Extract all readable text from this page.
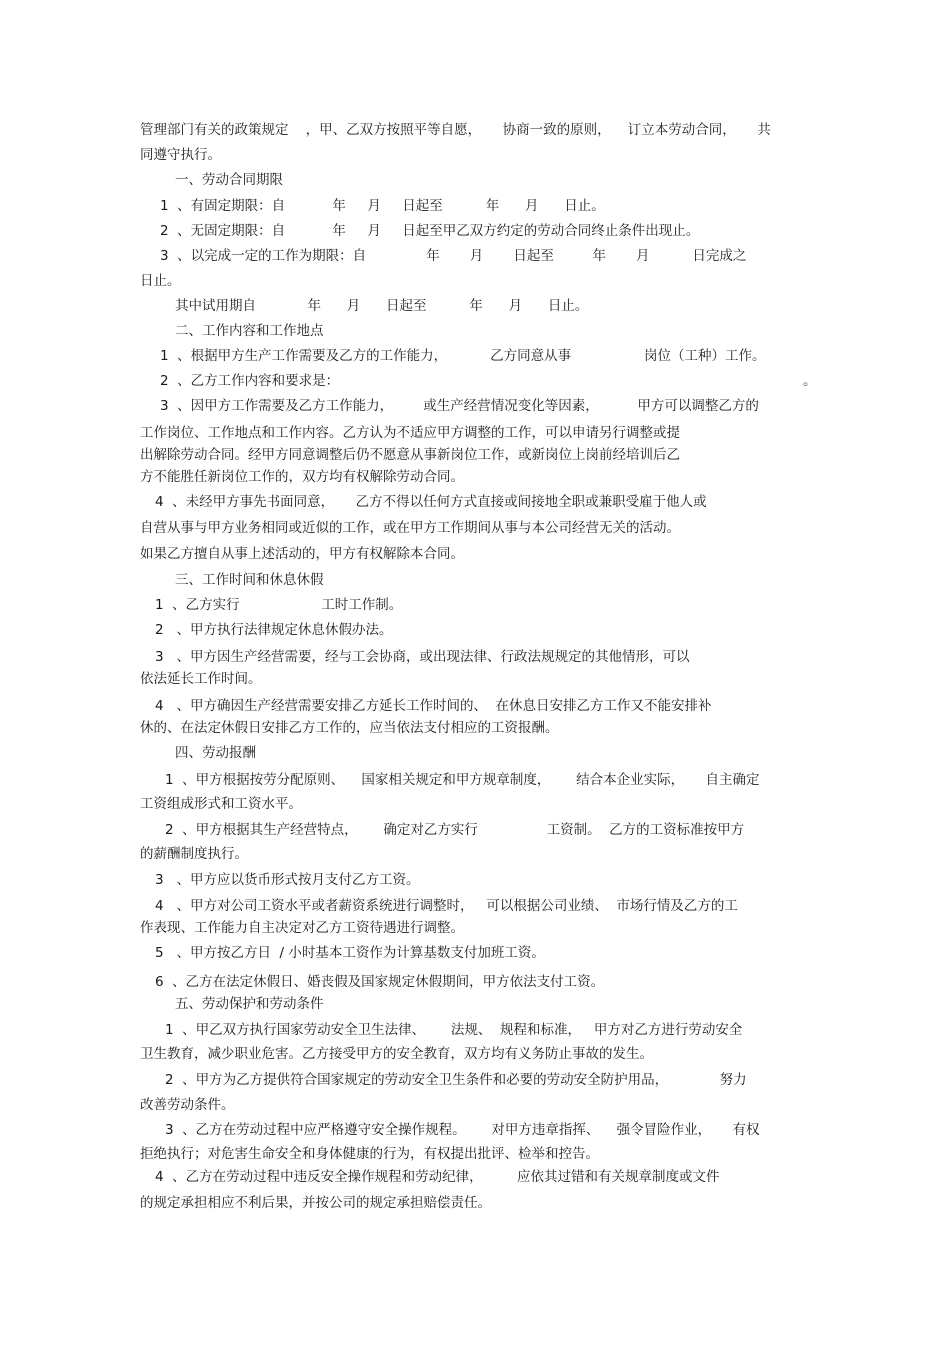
管理部门有关的政策规定    ，甲、乙双方按照平等自愿，     协商一致的原则，    订立本劳动合同，     共
同遵守执行。
一、劳动合同期限
1  、有固定期限：自           年     月     日起至          年      月      日止。
2  、无固定期限：自           年     月     日起至甲乙双方约定的劳动合同终止条件出现止。
3  、以完成一定的工作为期限：自              年       月       日起至         年       月          日完成之
日止。
其中试用期自            年      月      日起至          年      月      日止。
二、工作内容和工作地点
1  、根据甲方生产工作需要及乙方的工作能力，          乙方同意从事                 岗位（工种）工作。
2  、乙方工作内容和要求是：	。
3  、因甲方工作需要及乙方工作能力，       或生产经营情况变化等因素，         甲方可以调整乙方的
工作岗位、工作地点和工作内容。乙方认为不适应甲方调整的工作，可以申请另行调整或提
出解除劳动合同。经甲方同意调整后仍不愿意从事新岗位工作，或新岗位上岗前经培训后乙
方不能胜任新岗位工作的，双方均有权解除劳动合同。
4  、未经甲方事先书面同意，     乙方不得以任何方式直接或间接地全职或兼职受雇于他人或
自营从事与甲方业务相同或近似的工作，或在甲方工作期间从事与本公司经营无关的活动。
如果乙方擅自从事上述活动的，甲方有权解除本合同。
三、工作时间和休息休假
1  、乙方实行                   工时工作制。
2   、甲方执行法律规定休息休假办法。
3   、甲方因生产经营需要，经与工会协商，或出现法律、行政法规规定的其他情形，可以
依法延长工作时间。
4   、甲方确因生产经营需要安排乙方延长工作时间的、  在休息日安排乙方工作又不能安排补
休的、在法定休假日安排乙方工作的，应当依法支付相应的工资报酬。
四、劳动报酬
1  、甲方根据按劳分配原则、    国家相关规定和甲方规章制度，      结合本企业实际，     自主确定
工资组成形式和工资水平。
2  、甲方根据其生产经营特点，      确定对乙方实行                工资制。  乙方的工资标准按甲方
的薪酬制度执行。
3   、甲方应以货币形式按月支付乙方工资。
4   、甲方对公司工资水平或者薪资系统进行调整时，   可以根据公司业绩、  市场行情及乙方的工
作表现、工作能力自主决定对乙方工资待遇进行调整。
5   、甲方按乙方日  / 小时基本工资作为计算基数支付加班工资。
6  、乙方在法定休假日、婚丧假及国家规定休假期间，甲方依法支付工资。
五、劳动保护和劳动条件
1  、甲乙双方执行国家劳动安全卫生法律、      法规、  规程和标准，   甲方对乙方进行劳动安全
卫生教育，减少职业危害。乙方接受甲方的安全教育，双方均有义务防止事故的发生。
2  、甲方为乙方提供符合国家规定的劳动安全卫生条件和必要的劳动安全防护用品，            努力
改善劳动条件。
3  、乙方在劳动过程中应严格遵守安全操作规程。      对甲方违章指挥、    强令冒险作业，     有权
拒绝执行；对危害生命安全和身体健康的行为，有权提出批评、检举和控告。
4  、乙方在劳动过程中违反安全操作规程和劳动纪律，        应依其过错和有关规章制度或文件
的规定承担相应不利后果，并按公司的规定承担赔偿责任。
